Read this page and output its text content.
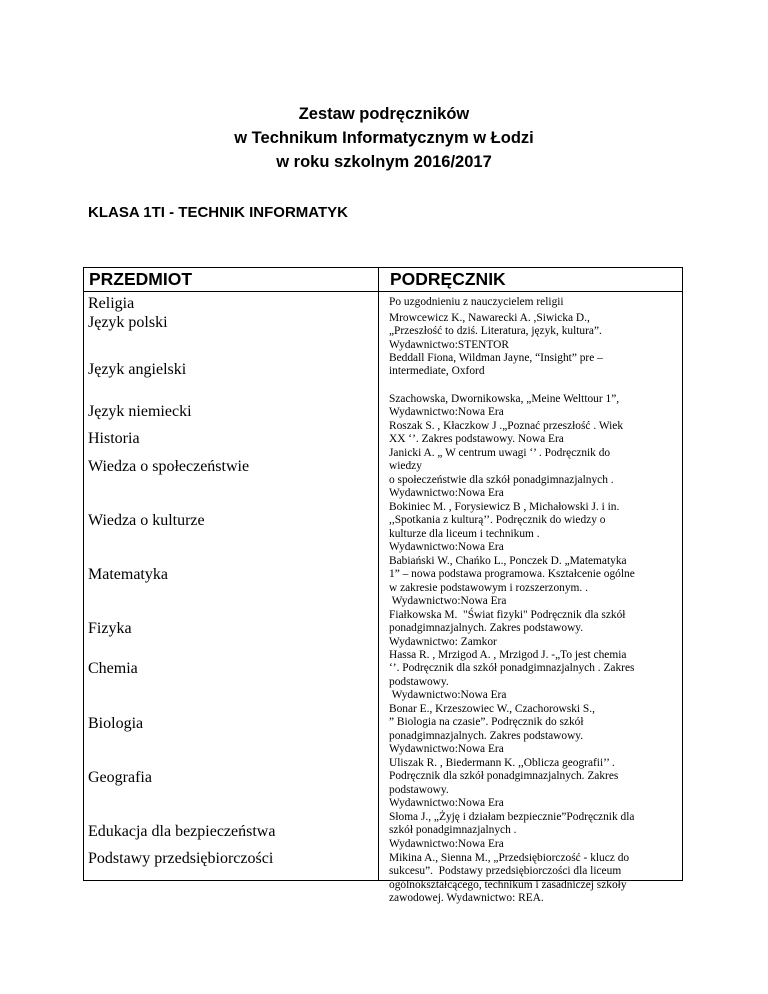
Zestaw podręczników
w Technikum Informatycznym w Łodzi
w roku szkolnym 2016/2017
KLASA 1TI - TECHNIK INFORMATYK
PRZEDMIOT	PODRĘCZNIK
Religia
Język polski
Język angielski
Język niemiecki
Historia
Wiedza o społeczeństwie
Wiedza o kulturze
Matematyka
Fizyka
Chemia
Biologia
Geografia
Edukacja dla bezpieczeństwa
Podstawy przedsiębiorczości
Po uzgodnieniu z nauczycielem religii
Mrowcewicz K., Nawarecki A. ,Siwicka D.,
„Przeszłość to dziś. Literatura, język, kultura”.
Wydawnictwo:STENTOR
Beddall Fiona, Wildman Jayne, “Insight” pre –
intermediate, Oxford
Szachowska, Dwornikowska, „Meine Welttour 1”,
Wydawnictwo:Nowa Era
Roszak S. , Kłaczkow J .„Poznać przeszłość . Wiek
XX ‘’. Zakres podstawowy. Nowa Era
Janicki A. „ W centrum uwagi ‘’ . Podręcznik do
wiedzy
o społeczeństwie dla szkół ponadgimnazjalnych .
Wydawnictwo:Nowa Era
Bokiniec M. , Forysiewicz B , Michałowski J. i in.
,,Spotkania z kulturą’’. Podręcznik do wiedzy o
kulturze dla liceum i technikum .
Wydawnictwo:Nowa Era
Babiański W., Chańko L., Ponczek D. „Matematyka
1” – nowa podstawa programowa. Kształcenie ogólne
w zakresie podstawowym i rozszerzonym. .
Wydawnictwo:Nowa Era
Fiałkowska M.  "Świat fizyki" Podręcznik dla szkół
ponadgimnazjalnych. Zakres podstawowy.
Wydawnictwo: Zamkor
Hassa R. , Mrzigod A. , Mrzigod J. -„To jest chemia
‘’. Podręcznik dla szkół ponadgimnazjalnych . Zakres
podstawowy.
Wydawnictwo:Nowa Era
Bonar E., Krzeszowiec W., Czachorowski S.,
” Biologia na czasie”. Podręcznik do szkół
ponadgimnazjalnych. Zakres podstawowy.
Wydawnictwo:Nowa Era
Uliszak R. , Biedermann K. ,,Oblicza geografii’’ .
Podręcznik dla szkół ponadgimnazjalnych. Zakres
podstawowy.
Wydawnictwo:Nowa Era
Słoma J., „Żyję i działam bezpiecznie”Podręcznik dla
szkół ponadgimnazjalnych .
Wydawnictwo:Nowa Era
Mikina A., Sienna M., „Przedsiębiorczość - klucz do
sukcesu”.  Podstawy przedsiębiorczości dla liceum
ogólnokształcącego, technikum i zasadniczej szkoły
zawodowej. Wydawnictwo: REA.
